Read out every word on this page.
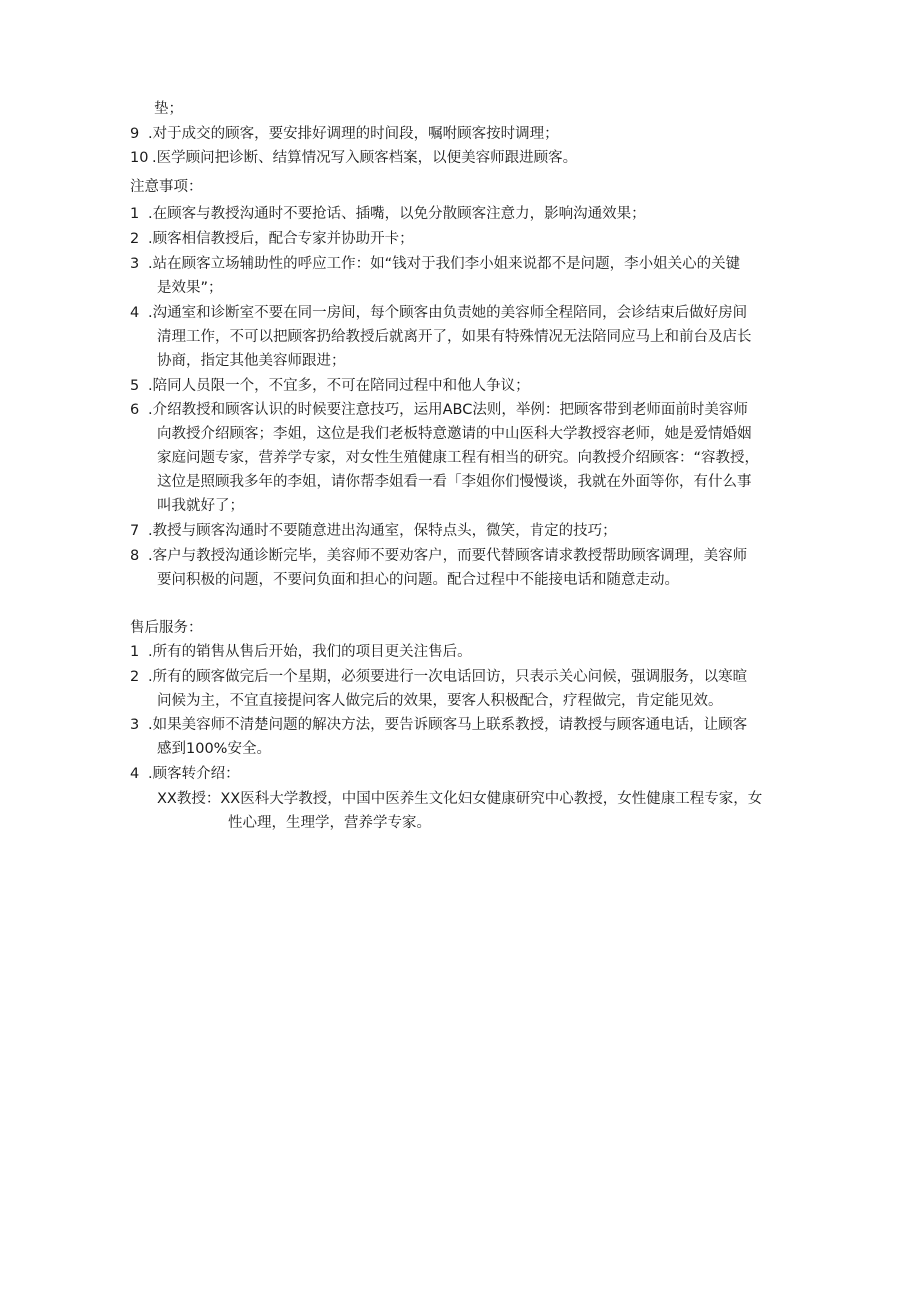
垫；
9 .对于成交的顾客，要安排好调理的时间段，嘱咐顾客按时调理；
10 .医学顾问把诊断、结算情况写入顾客档案，以便美容师跟进顾客。
注意事项：
1 .在顾客与教授沟通时不要抢话、插嘴，以免分散顾客注意力，影响沟通效果；
2 .顾客相信教授后，配合专家并协助开卡；
3 .站在顾客立场辅助性的呼应工作：如“钱对于我们李小姐来说都不是问题，李小姐关心的关键
是效果”；
4 .沟通室和诊断室不要在同一房间，每个顾客由负责她的美容师全程陪同，会诊结束后做好房间
清理工作，不可以把顾客扔给教授后就离开了，如果有特殊情况无法陪同应马上和前台及店长
协商，指定其他美容师跟进；
5 .陪同人员限一个，不宜多，不可在陪同过程中和他人争议；
6 .介绍教授和顾客认识的时候要注意技巧，运用ABC法则，举例：把顾客带到老师面前时美容师
向教授介绍顾客；李姐，这位是我们老板特意邀请的中山医科大学教授容老师，她是爱情婚姻
家庭问题专家，营养学专家，对女性生殖健康工程有相当的研究。向教授介绍顾客：“容教授，
这位是照顾我多年的李姐，请你帮李姐看一看「李姐你们慢慢谈，我就在外面等你，有什么事
叫我就好了；
7 .教授与顾客沟通时不要随意进出沟通室，保特点头，微笑，肯定的技巧；
8 .客户与教授沟通诊断完毕，美容师不要劝客户，而要代替顾客请求教授帮助顾客调理，美容师
要问积极的问题，不要问负面和担心的问题。配合过程中不能接电话和随意走动。
售后服务：
1 .所有的销售从售后开始，我们的项目更关注售后。
2 .所有的顾客做完后一个星期，必须要进行一次电话回访，只表示关心问候，强调服务，以寒暄
问候为主，不宜直接提问客人做完后的效果，要客人积极配合，疗程做完，肯定能见效。
3 .如果美容师不清楚问题的解决方法，要告诉顾客马上联系教授，请教授与顾客通电话，让顾客
感到100%安全。
4 .顾客转介绍：
XX教授：XX医科大学教授，中国中医养生文化妇女健康研究中心教授，女性健康工程专家，女
性心理，生理学，营养学专家。
